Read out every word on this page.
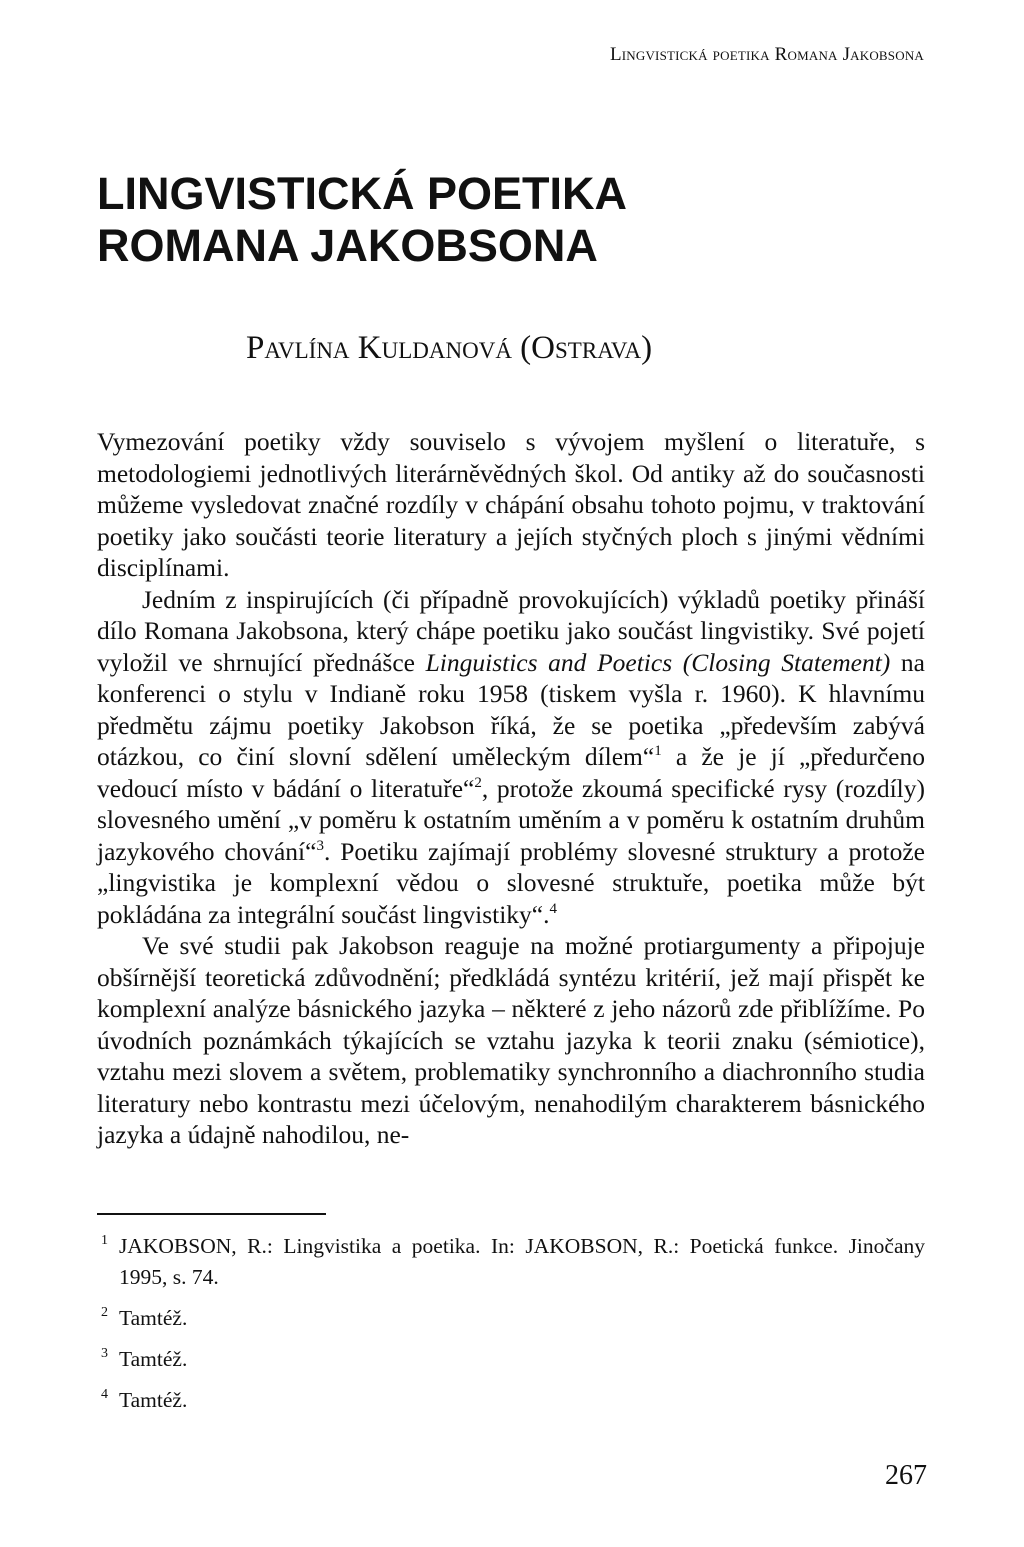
Lingvistická poetika Romana Jakobsona
LINGVISTICKÁ POETIKA
ROMANA JAKOBSONA
Pavlína Kuldanová (Ostrava)

Vymezování poetiky vždy souviselo s vývojem myšlení o literatuře, s metodologiemi jednotlivých literárněvědných škol. Od antiky až do současnosti můžeme vysledovat značné rozdíly v chápání obsahu tohoto pojmu, v traktování poetiky jako součásti teorie literatury a jejích styčných ploch s jinými vědními disciplínami.

Jedním z inspirujících (či případně provokujících) výkladů poetiky přináší dílo Romana Jakobsona, který chápe poetiku jako součást lingvistiky. Své pojetí vyložil ve shrnující přednášce Linguistics and Poetics (Closing Statement) na konferenci o stylu v Indianě roku 1958 (tiskem vyšla r. 1960). K hlavnímu předmětu zájmu poetiky Jakobson říká, že se poetika „především zabývá otázkou, co činí slovní sdělení uměleckým dílem“$^1$ a že je jí „předurčeno vedoucí místo v bádání o literatuře“$^2$, protože zkoumá specifické rysy (rozdíly) slovesného umění „v poměru k ostatním uměním a v poměru k ostatním druhům jazykového chování“$^3$. Poetiku zajímají problémy slovesné struktury a protože „lingvistika je komplexní vědou o slovesné struktuře, poetika může být pokládána za integrální součást lingvistiky“.$^4$

Ve své studii pak Jakobson reaguje na možné protiargumenty a připojuje obšírnější teoretická zdůvodnění; předkládá syntézu kritérií, jež mají přispět ke komplexní analýze básnického jazyka – některé z jeho názorů zde přiblížíme. Po úvodních poznámkách týkajících se vztahu jazyka k teorii znaku (sémiotice), vztahu mezi slovem a světem, problematiky synchronního a diachronního studia literatury nebo kontrastu mezi účelovým, nenahodilým charakterem básnického jazyka a údajně nahodilou, ne-

1 JAKOBSON, R.: Lingvistika a poetika. In: JAKOBSON, R.: Poetická funkce. Jinočany 1995, s. 74.
2 Tamtéž.
3 Tamtéž.
4 Tamtéž.
267
